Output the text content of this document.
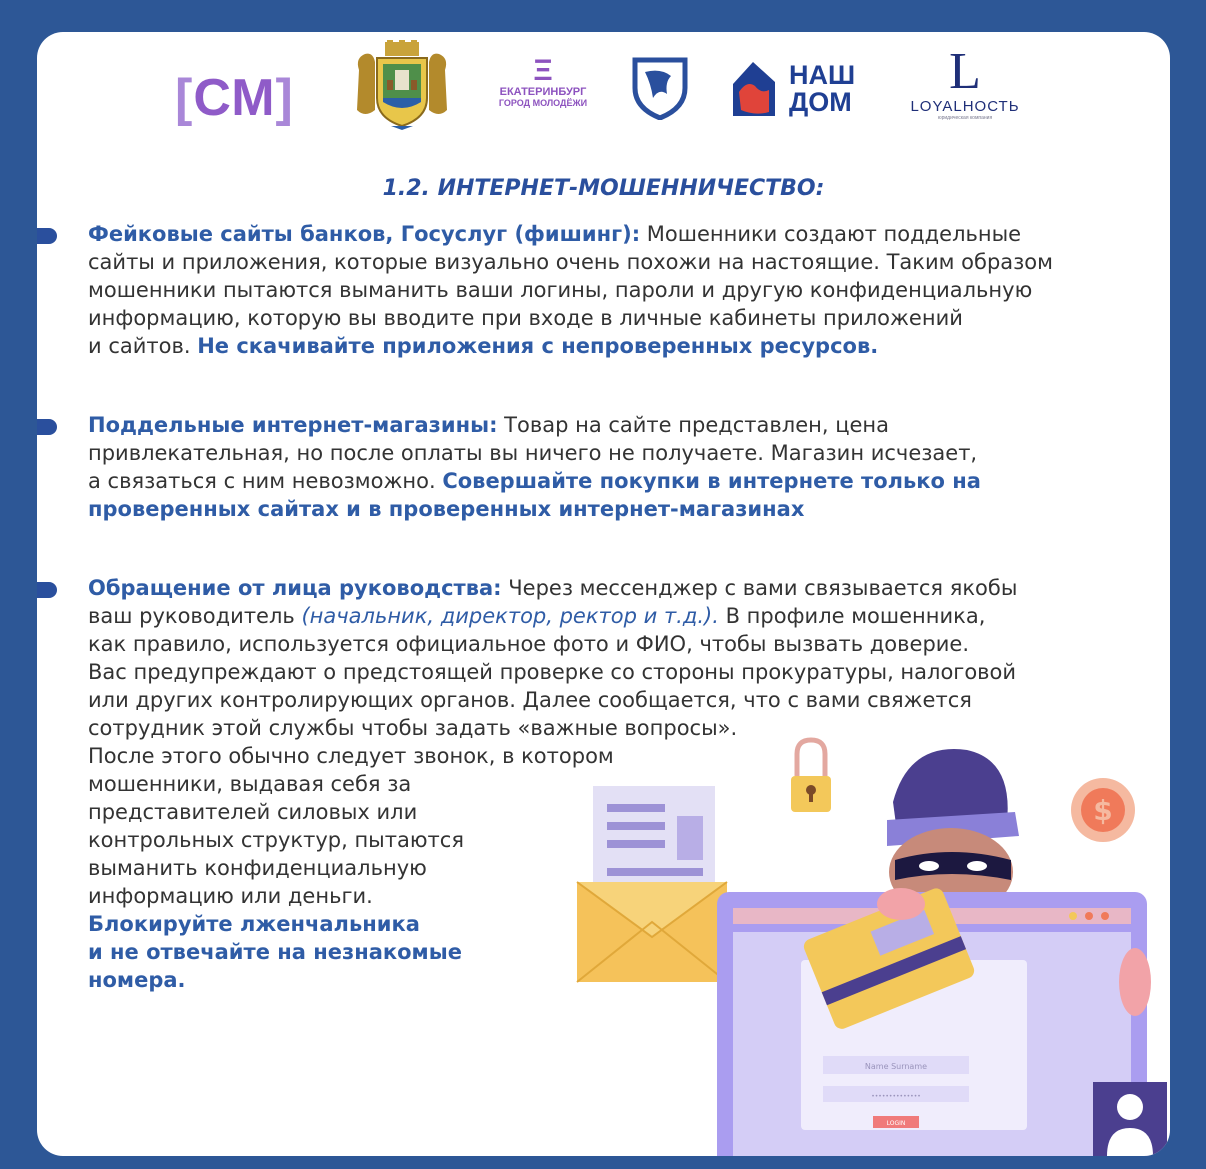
[СМ]	Ξ
ЕКАТЕРИНБУРГ
ГОРОД МОЛОДЁЖИ
НАШ
ДОМ
L
LOYALНОСТЬ
юридическая компания
1.2. ИНТЕРНЕТ-МОШЕННИЧЕСТВО:

Фейковые сайты банков, Госуслуг (фишинг): Мошенники создают поддельные

сайты и приложения, которые визуально очень похожи на настоящие. Таким образом

мошенники пытаются выманить ваши логины, пароли и другую конфиденциальную

информацию, которую вы вводите при входе в личные кабинеты приложений

и сайтов. Не скачивайте приложения с непроверенных ресурсов.

Поддельные интернет-магазины: Товар на сайте представлен, цена

привлекательная, но после оплаты вы ничего не получаете. Магазин исчезает,

а связаться с ним невозможно. Совершайте покупки в интернете только на

проверенных сайтах и в проверенных интернет-магазинах

Обращение от лица руководства: Через мессенджер с вами связывается якобы

ваш руководитель (начальник, директор, ректор и т.д.). В профиле мошенника,

как правило, используется официальное фото и ФИО, чтобы вызвать доверие.

Вас предупреждают о предстоящей проверке со стороны прокуратуры, налоговой

или других контролирующих органов. Далее сообщается, что с вами свяжется

сотрудник этой службы чтобы задать «важные вопросы».

После этого обычно следует звонок, в котором

мошенники, выдавая себя за

представителей силовых или

контрольных структур, пытаются

выманить конфиденциальную

информацию или деньги.

Блокируйте лженчальника

и не отвечайте на незнакомые

номера.

$
Name Surname
••••••••••••••
LOGIN
